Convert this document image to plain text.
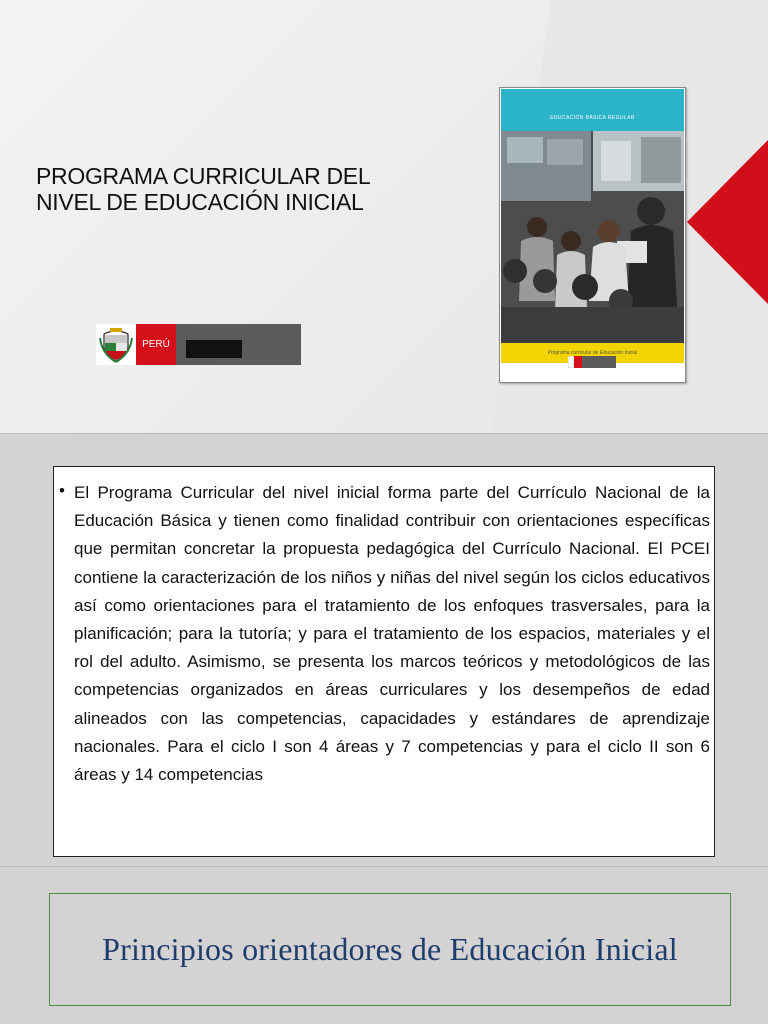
PROGRAMA CURRICULAR DEL
NIVEL DE EDUCACIÓN INICIAL
PERÚ
EDUCACIÓN BÁSICA REGULAR
Programa curricular de Educación Inicial
• El Programa Curricular del nivel inicial forma parte del Currículo Nacional de la Educación Básica y tienen como finalidad contribuir con orientaciones específicas que permitan concretar la propuesta pedagógica del Currículo Nacional. El PCEI contiene la caracterización de los niños y niñas del nivel según los ciclos educativos así como orientaciones para el tratamiento de los enfoques trasversales, para la planificación; para la tutoría; y para el tratamiento de los espacios, materiales y el rol del adulto. Asimismo, se presenta los marcos teóricos y metodológicos de las competencias organizados en áreas curriculares y los desempeños de edad alineados con las competencias, capacidades y estándares de aprendizaje nacionales. Para el ciclo I son 4 áreas y 7 competencias y para el ciclo II son 6 áreas y 14 competencias
Principios orientadores de Educación Inicial
